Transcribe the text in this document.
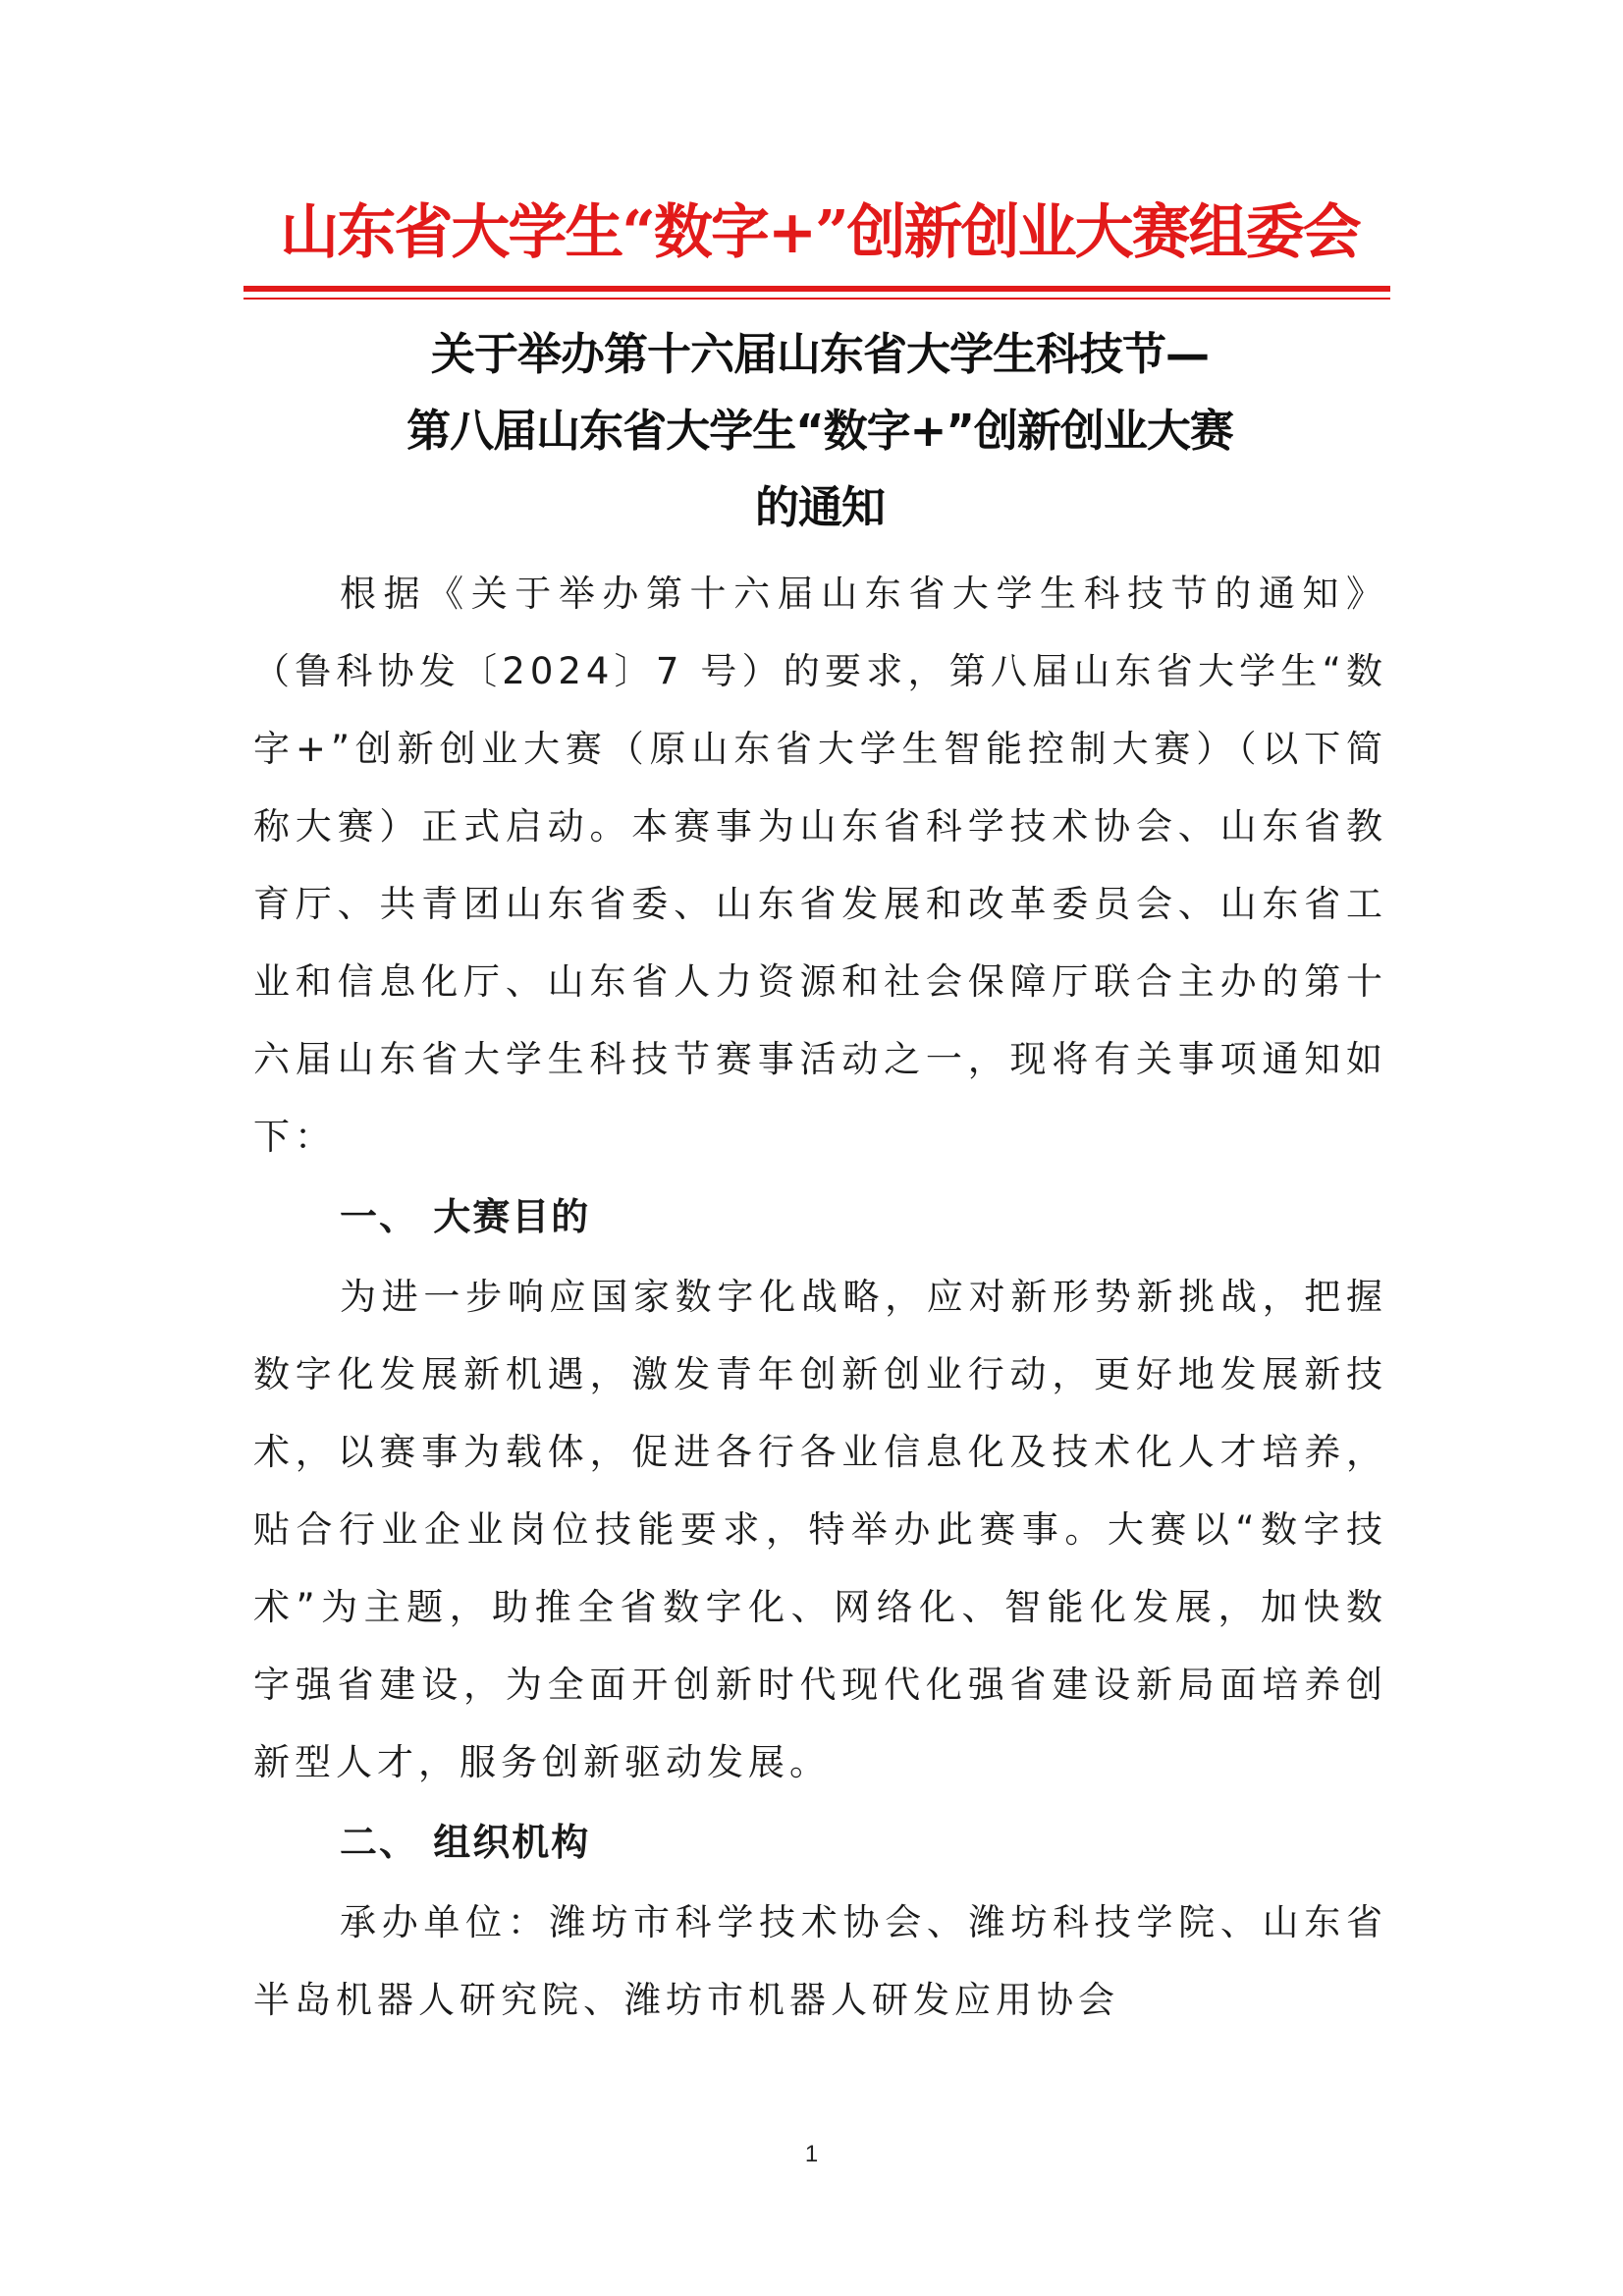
山东省大学生“数字+”创新创业大赛组委会
关于举办第十六届山东省大学生科技节—
第八届山东省大学生“数字+”创新创业大赛
的通知

根据《关于举办第十六届山东省大学生科技节的通知》（鲁科协发〔2024〕7 号）的要求，第八届山东省大学生“数字+”创新创业大赛（原山东省大学生智能控制大赛）（以下简称大赛）正式启动。本赛事为山东省科学技术协会、山东省教育厅、共青团山东省委、山东省发展和改革委员会、山东省工业和信息化厅、山东省人力资源和社会保障厅联合主办的第十六届山东省大学生科技节赛事活动之一，现将有关事项通知如下：

一、 大赛目的

为进一步响应国家数字化战略，应对新形势新挑战，把握数字化发展新机遇，激发青年创新创业行动，更好地发展新技术，以赛事为载体，促进各行各业信息化及技术化人才培养，贴合行业企业岗位技能要求，特举办此赛事。大赛以“数字技术”为主题，助推全省数字化、网络化、智能化发展，加快数字强省建设，为全面开创新时代现代化强省建设新局面培养创新型人才，服务创新驱动发展。

二、 组织机构

承办单位：潍坊市科学技术协会、潍坊科技学院、山东省半岛机器人研究院、潍坊市机器人研发应用协会

1
